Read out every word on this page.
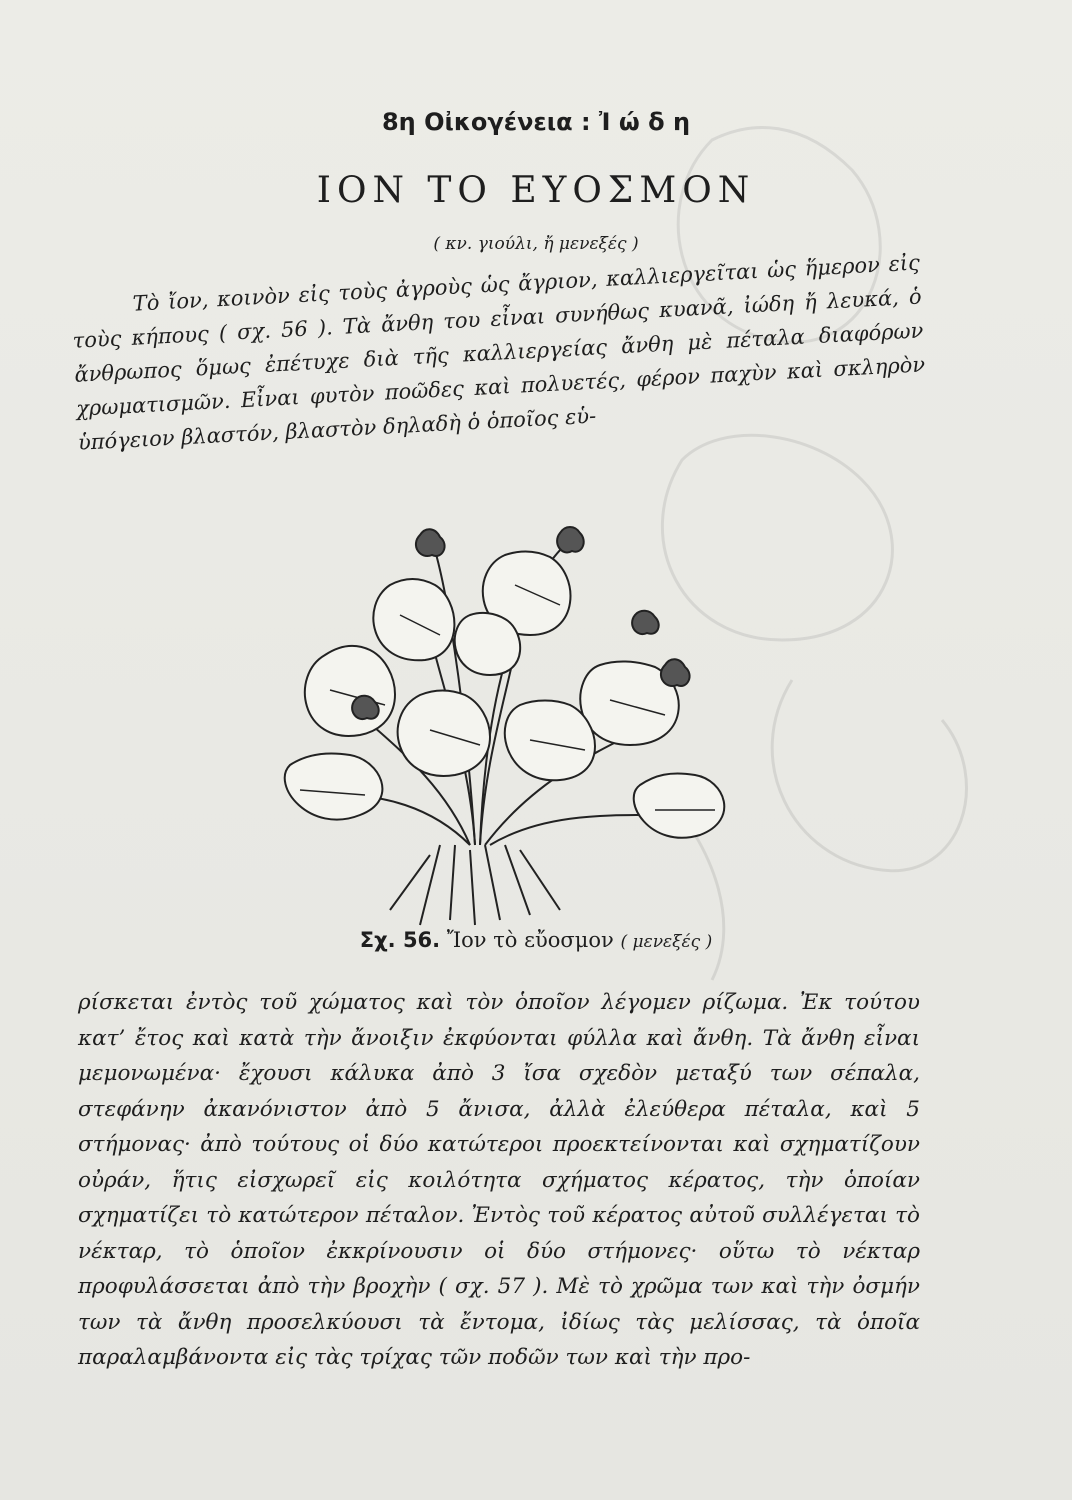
8η Οἰκογένεια : Ἰ ώ δ η
ΙΟΝ ΤΟ ΕΥΟΣΜΟΝ
( κν. γιούλι, ἤ μενεξές )
Τὸ ἴον, κοινὸν εἰς τοὺς ἀγροὺς ὡς ἄγριον, καλλιεργεῖται ὡς ἥμερον εἰς τοὺς κήπους ( σχ. 56 ). Τὰ ἄνθη του εἶναι συνήθως κυανᾶ, ἰώδη ἤ λευκά, ὁ ἄνθρωπος ὅμως ἐπέτυχε διὰ τῆς καλλιεργείας ἄνθη μὲ πέταλα διαφόρων χρωματισμῶν. Εἶναι φυτὸν ποῶδες καὶ πολυετές, φέρον παχὺν καὶ σκληρὸν ὑπόγειον βλαστόν, βλαστὸν δηλαδὴ ὁ ὁποῖος εὑ-
Σχ. 56. Ἴον τὸ εὔοσμον ( μενεξές )
ρίσκεται ἐντὸς τοῦ χώματος καὶ τὸν ὁποῖον λέγομεν ρίζωμα. Ἐκ τούτου κατ’ ἔτος καὶ κατὰ τὴν ἄνοιξιν ἐκφύονται φύλλα καὶ ἄνθη. Τὰ ἄνθη εἶναι μεμονωμένα· ἔχουσι κάλυκα ἀπὸ 3 ἴσα σχεδὸν μεταξύ των σέπαλα, στεφάνην ἀκανόνιστον ἀπὸ 5 ἄνισα, ἀλλὰ ἐλεύθερα πέταλα, καὶ 5 στήμονας· ἀπὸ τούτους οἱ δύο κατώτεροι προεκτείνονται καὶ σχηματίζουν οὐράν, ἥτις εἰσχωρεῖ εἰς κοιλότητα σχήματος κέρατος, τὴν ὁποίαν σχηματίζει τὸ κατώτερον πέταλον. Ἐντὸς τοῦ κέρατος αὐτοῦ συλλέγεται τὸ νέκταρ, τὸ ὁποῖον ἐκκρίνουσιν οἱ δύο στήμονες· οὕτω τὸ νέκταρ προφυλάσσεται ἀπὸ τὴν βροχὴν ( σχ. 57 ). Μὲ τὸ χρῶμα των καὶ τὴν ὀσμήν των τὰ ἄνθη προσελκύουσι τὰ ἔντομα, ἰδίως τὰς μελίσσας, τὰ ὁποῖα παραλαμβάνοντα εἰς τὰς τρίχας τῶν ποδῶν των καὶ τὴν προ-
